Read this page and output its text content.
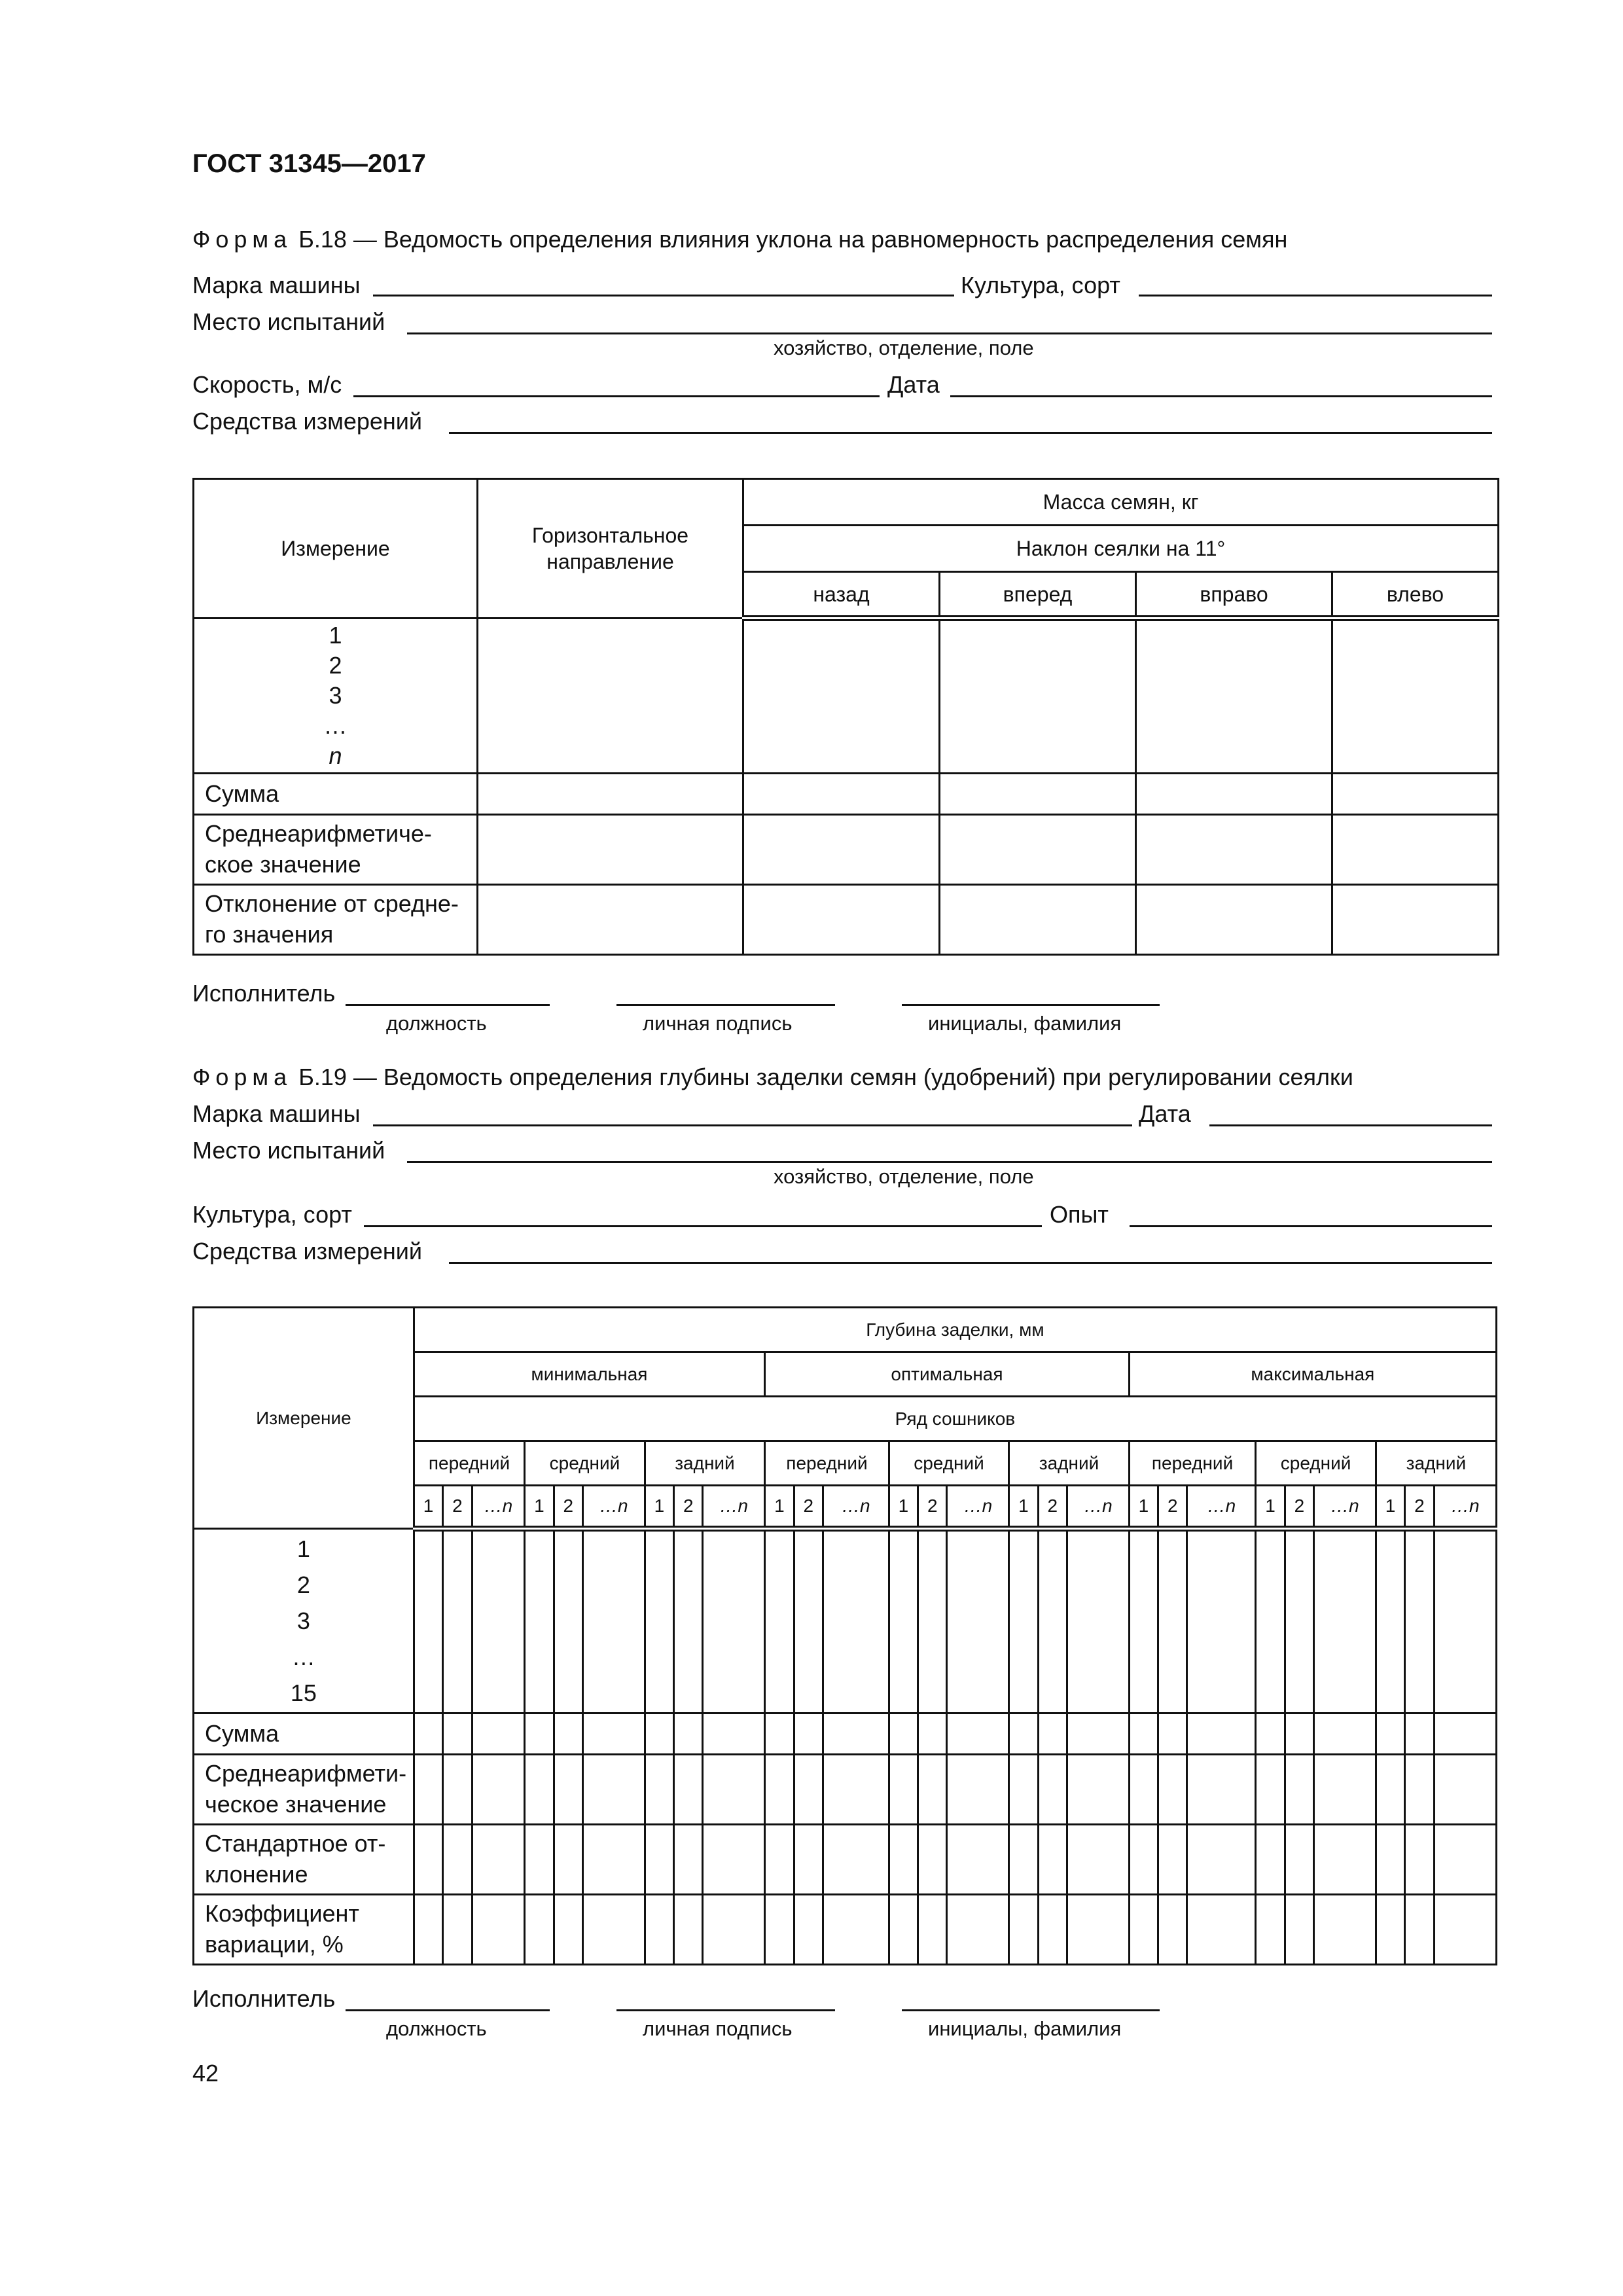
ГОСТ 31345—2017
Форма Б.18 — Ведомость определения влияния уклона на равномерность распределения семян
Марка машины	Культура, сорт
Место испытаний
хозяйство, отделение, поле
Скорость, м/с	Дата
Средства измерений
Измерение	Горизонтальное направление	Масса семян, кг			
		Наклон сеялки на 11°			
		назад	вперед	вправо	влево

1
2
3
…
n					

Сумма					
Среднеарифметиче-ское значение					
Отклонение от средне-го значения					
Исполнитель
должность	личная подпись	инициалы, фамилия
Форма Б.19 — Ведомость определения глубины заделки семян (удобрений) при регулировании сеялки
Марка машины	Дата
Место испытаний
хозяйство, отделение, поле
Культура, сорт	Опыт
Средства измерений
Измерение	Глубина заделки, мм																										
	минимальная									оптимальная									максимальная								
	Ряд сошников																										
	передний			средний			задний			передний			средний			задний			передний			средний			задний		
	1	2	…n	1	2	…n	1	2	…n	1	2	…n	1	2	…n	1	2	…n	1	2	…n	1	2	…n	1	2	…n

1
2
3
…
15																											

Сумма																											
Среднеарифмети-ческое значение																											
Стандартное от-клонение																											
Коэффициент вариации, %																											
Исполнитель
должность	личная подпись	инициалы, фамилия
42
